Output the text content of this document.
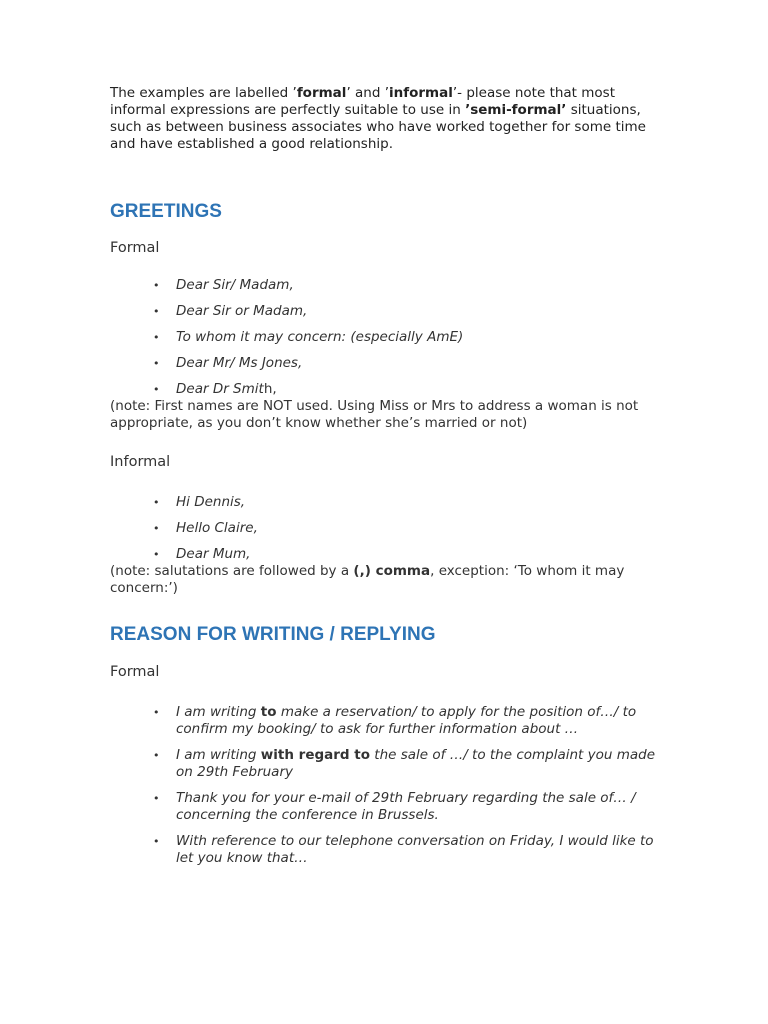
The examples are labelled ’formal’ and ’informal’- please note that most informal expressions are perfectly suitable to use in ’semi-formal’ situations, such as between business associates who have worked together for some time and have established a good relationship.

GREETINGS

Formal

• Dear Sir/ Madam,
• Dear Sir or Madam,
• To whom it may concern: (especially AmE)
• Dear Mr/ Ms Jones,
• Dear Dr Smith,

(note: First names are NOT used. Using Miss or Mrs to address a woman is not appropriate, as you don’t know whether she’s married or not)

Informal

• Hi Dennis,
• Hello Claire,
• Dear Mum,

(note: salutations are followed by a (,) comma, exception: ‘To whom it may concern:’)

REASON FOR WRITING / REPLYING

Formal

• I am writing to make a reservation/ to apply for the position of…/ to confirm my booking/ to ask for further information about …
• I am writing with regard to the sale of …/ to the complaint you made on 29th February
• Thank you for your e-mail of 29th February regarding the sale of… / concerning the conference in Brussels.
• With reference to our telephone conversation on Friday, I would like to let you know that…
